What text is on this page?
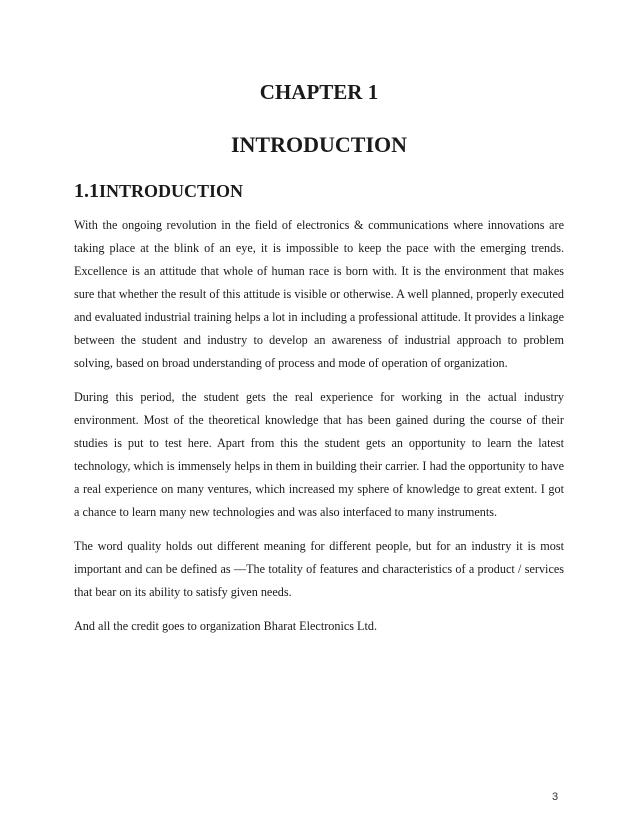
CHAPTER 1
INTRODUCTION
1.1INTRODUCTION

With the ongoing revolution in the field of electronics & communications where innovations are taking place at the blink of an eye, it is impossible to keep the pace with the emerging trends. Excellence is an attitude that whole of human race is born with. It is the environment that makes sure that whether the result of this attitude is visible or otherwise. A well planned, properly executed and evaluated industrial training helps a lot in including a professional attitude. It provides a linkage between the student and industry to develop an awareness of industrial approach to problem solving, based on broad understanding of process and mode of operation of organization.

During this period, the student gets the real experience for working in the actual industry environment. Most of the theoretical knowledge that has been gained during the course of their studies is put to test here. Apart from this the student gets an opportunity to learn the latest technology, which is immensely helps in them in building their carrier. I had the opportunity to have a real experience on many ventures, which increased my sphere of knowledge to great extent. I got a chance to learn many new technologies and was also interfaced to many instruments.

The word quality holds out different meaning for different people, but for an industry it is most important and can be defined as ―The totality of features and characteristics of a product / services that bear on its ability to satisfy given needs.

And all the credit goes to organization Bharat Electronics Ltd.

3
